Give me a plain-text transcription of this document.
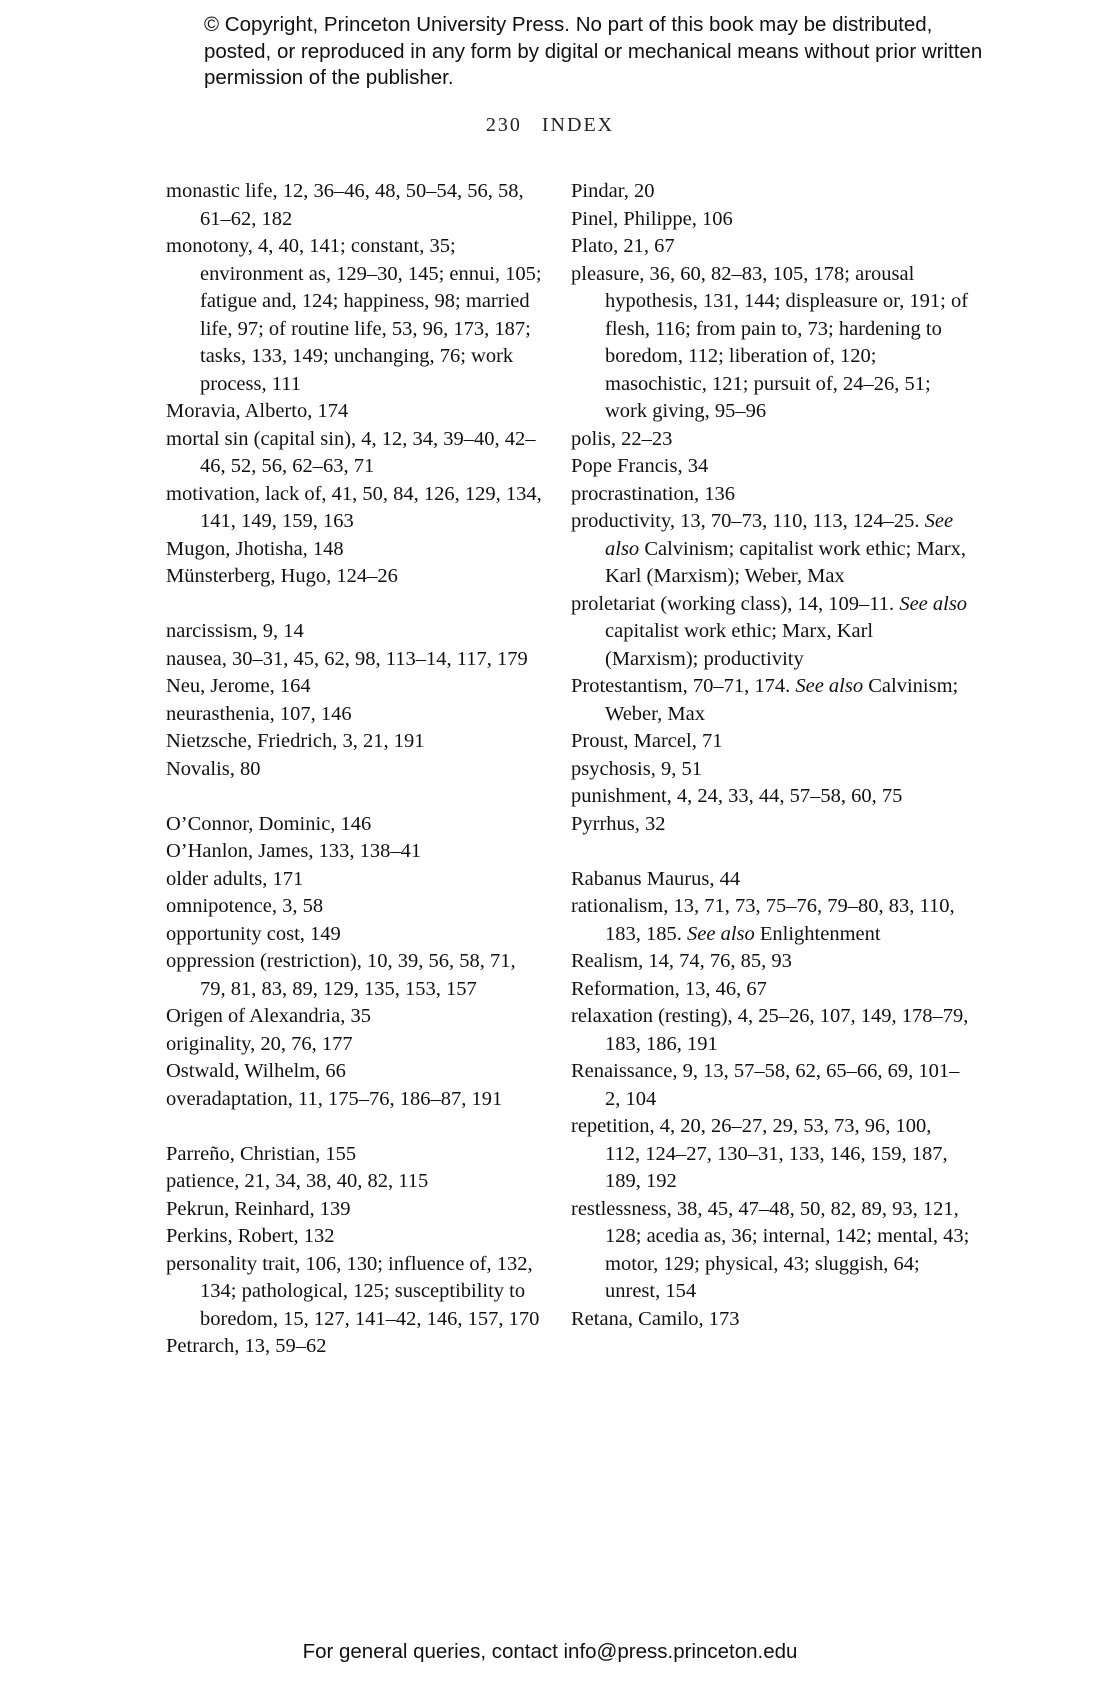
© Copyright, Princeton University Press. No part of this book may be distributed, posted, or reproduced in any form by digital or mechanical means without prior written permission of the publisher.
230 INDEX

monastic life, 12, 36–46, 48, 50–54, 56, 58, 61–62, 182

monotony, 4, 40, 141; constant, 35; environment as, 129–30, 145; ennui, 105; fatigue and, 124; happiness, 98; married life, 97; of routine life, 53, 96, 173, 187; tasks, 133, 149; unchanging, 76; work process, 111

Moravia, Alberto, 174

mortal sin (capital sin), 4, 12, 34, 39–40, 42–46, 52, 56, 62–63, 71

motivation, lack of, 41, 50, 84, 126, 129, 134, 141, 149, 159, 163

Mugon, Jhotisha, 148

Münsterberg, Hugo, 124–26

narcissism, 9, 14

nausea, 30–31, 45, 62, 98, 113–14, 117, 179

Neu, Jerome, 164

neurasthenia, 107, 146

Nietzsche, Friedrich, 3, 21, 191

Novalis, 80

O’Connor, Dominic, 146

O’Hanlon, James, 133, 138–41

older adults, 171

omnipotence, 3, 58

opportunity cost, 149

oppression (restriction), 10, 39, 56, 58, 71, 79, 81, 83, 89, 129, 135, 153, 157

Origen of Alexandria, 35

originality, 20, 76, 177

Ostwald, Wilhelm, 66

overadaptation, 11, 175–76, 186–87, 191

Parreño, Christian, 155

patience, 21, 34, 38, 40, 82, 115

Pekrun, Reinhard, 139

Perkins, Robert, 132

personality trait, 106, 130; influence of, 132, 134; pathological, 125; susceptibility to boredom, 15, 127, 141–42, 146, 157, 170

Petrarch, 13, 59–62

Pindar, 20

Pinel, Philippe, 106

Plato, 21, 67

pleasure, 36, 60, 82–83, 105, 178; arousal hypothesis, 131, 144; displeasure or, 191; of flesh, 116; from pain to, 73; hardening to boredom, 112; liberation of, 120; masochistic, 121; pursuit of, 24–26, 51; work giving, 95–96

polis, 22–23

Pope Francis, 34

procrastination, 136

productivity, 13, 70–73, 110, 113, 124–25. See also Calvinism; capitalist work ethic; Marx, Karl (Marxism); Weber, Max

proletariat (working class), 14, 109–11. See also capitalist work ethic; Marx, Karl (Marxism); productivity

Protestantism, 70–71, 174. See also Calvinism; Weber, Max

Proust, Marcel, 71

psychosis, 9, 51

punishment, 4, 24, 33, 44, 57–58, 60, 75

Pyrrhus, 32

Rabanus Maurus, 44

rationalism, 13, 71, 73, 75–76, 79–80, 83, 110, 183, 185. See also Enlightenment

Realism, 14, 74, 76, 85, 93

Reformation, 13, 46, 67

relaxation (resting), 4, 25–26, 107, 149, 178–79, 183, 186, 191

Renaissance, 9, 13, 57–58, 62, 65–66, 69, 101–2, 104

repetition, 4, 20, 26–27, 29, 53, 73, 96, 100, 112, 124–27, 130–31, 133, 146, 159, 187, 189, 192

restlessness, 38, 45, 47–48, 50, 82, 89, 93, 121, 128; acedia as, 36; internal, 142; mental, 43; motor, 129; physical, 43; sluggish, 64; unrest, 154

Retana, Camilo, 173

For general queries, contact info@press.princeton.edu
